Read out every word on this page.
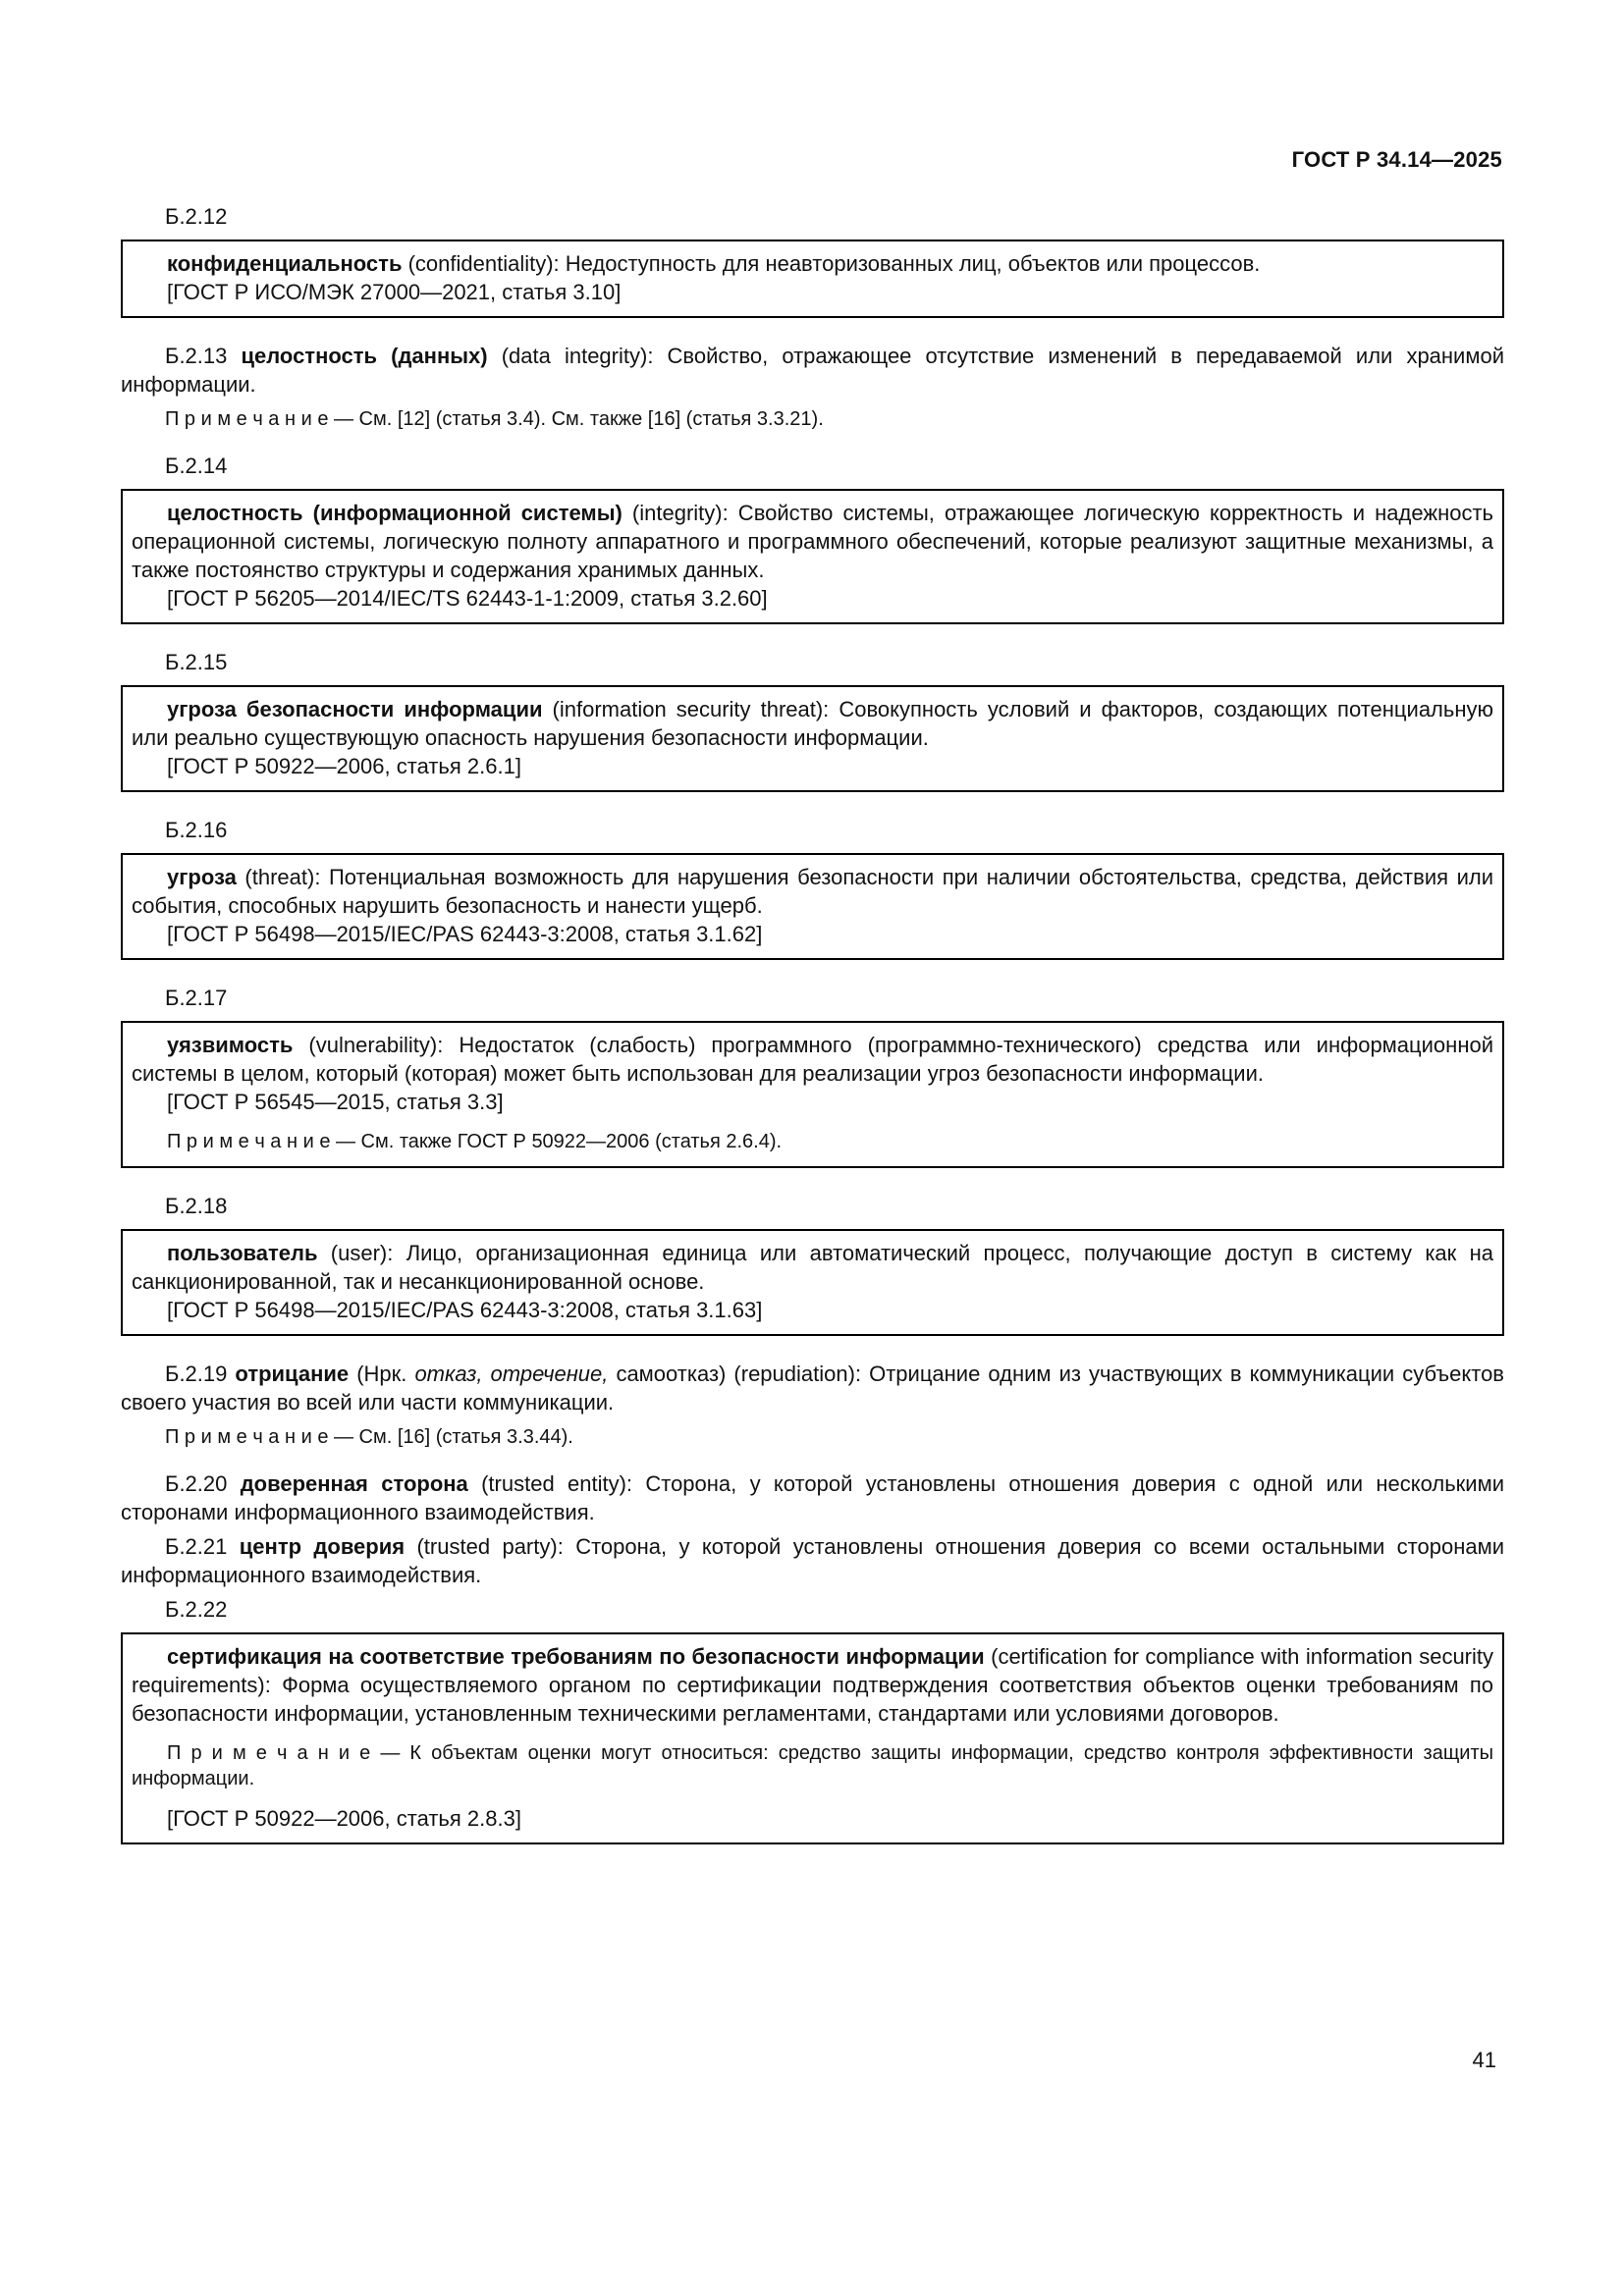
ГОСТ Р 34.14—2025

Б.2.12

конфиденциальность (confidentiality): Недоступность для неавторизованных лиц, объектов или процессов.

[ГОСТ Р ИСО/МЭК 27000—2021, статья 3.10]

Б.2.13 целостность (данных) (data integrity): Свойство, отражающее отсутствие изменений в передаваемой или хранимой информации.

П р и м е ч а н и е — См. [12] (статья 3.4). См. также [16] (статья 3.3.21).

Б.2.14

целостность (информационной системы) (integrity): Свойство системы, отражающее логическую корректность и надежность операционной системы, логическую полноту аппаратного и программного обеспечений, которые реализуют защитные механизмы, а также постоянство структуры и содержания хранимых данных.

[ГОСТ Р 56205—2014/IEC/TS 62443-1-1:2009, статья 3.2.60]

Б.2.15

угроза безопасности информации (information security threat): Совокупность условий и факторов, создающих потенциальную или реально существующую опасность нарушения безопасности информации.

[ГОСТ Р 50922—2006, статья 2.6.1]

Б.2.16

угроза (threat): Потенциальная возможность для нарушения безопасности при наличии обстоятельства, средства, действия или события, способных нарушить безопасность и нанести ущерб.

[ГОСТ Р 56498—2015/IEC/PAS 62443-3:2008, статья 3.1.62]

Б.2.17

уязвимость (vulnerability): Недостаток (слабость) программного (программно-технического) средства или информационной системы в целом, который (которая) может быть использован для реализации угроз безопасности информации.

[ГОСТ Р 56545—2015, статья 3.3]

П р и м е ч а н и е — См. также ГОСТ Р 50922—2006 (статья 2.6.4).

Б.2.18

пользователь (user): Лицо, организационная единица или автоматический процесс, получающие доступ в систему как на санкционированной, так и несанкционированной основе.

[ГОСТ Р 56498—2015/IEC/PAS 62443-3:2008, статья 3.1.63]

Б.2.19 отрицание (Нрк. отказ, отречение, самоотказ) (repudiation): Отрицание одним из участвующих в коммуникации субъектов своего участия во всей или части коммуникации.

П р и м е ч а н и е — См. [16] (статья 3.3.44).

Б.2.20 доверенная сторона (trusted entity): Сторона, у которой установлены отношения доверия с одной или несколькими сторонами информационного взаимодействия.

Б.2.21 центр доверия (trusted party): Сторона, у которой установлены отношения доверия со всеми остальными сторонами информационного взаимодействия.

Б.2.22

сертификация на соответствие требованиям по безопасности информации (certification for compliance with information security requirements): Форма осуществляемого органом по сертификации подтверждения соответствия объектов оценки требованиям по безопасности информации, установленным техническими регламентами, стандартами или условиями договоров.

П р и м е ч а н и е — К объектам оценки могут относиться: средство защиты информации, средство контроля эффективности защиты информации.

[ГОСТ Р 50922—2006, статья 2.8.3]

41
